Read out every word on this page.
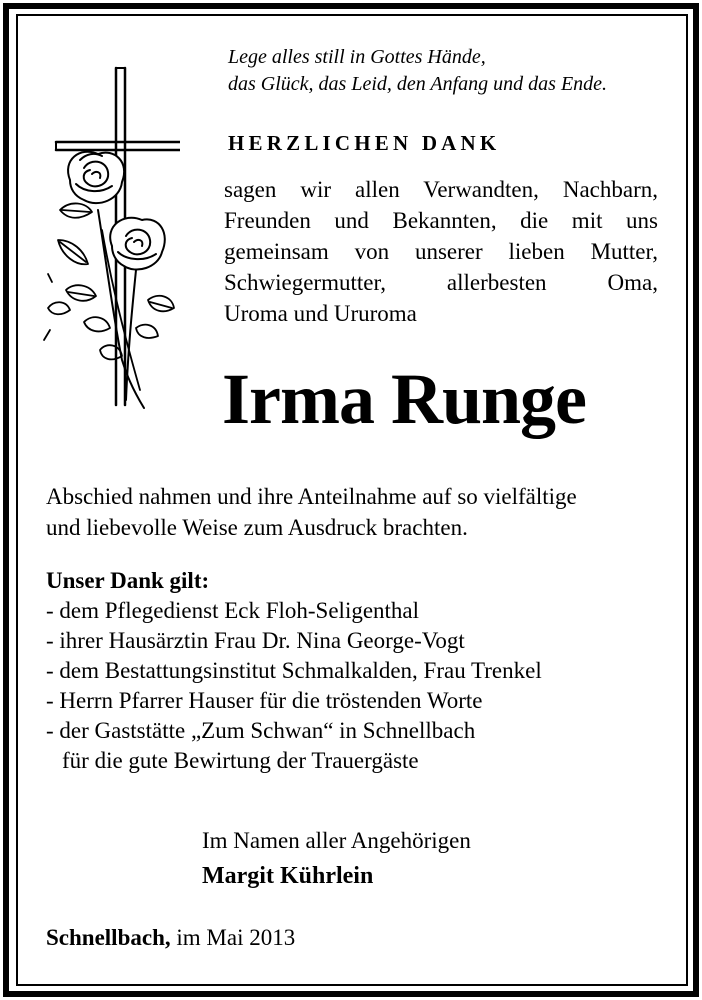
Lege alles still in Gottes Hände,
das Glück, das Leid, den Anfang und das Ende.

HERZLICHEN DANK

sagen wir allen Verwandten, Nachbarn,
Freunden und Bekannten, die mit uns
gemeinsam von unserer lieben Mutter,
Schwiegermutter, allerbesten Oma,
Uroma und Ururoma

Irma Runge

Abschied nahmen und ihre Anteilnahme auf so vielfältige
und liebevolle Weise zum Ausdruck brachten.

Unser Dank gilt:

- dem Pflegedienst Eck Floh-Seligenthal
- ihrer Hausärztin Frau Dr. Nina George-Vogt
- dem Bestattungsinstitut Schmalkalden, Frau Trenkel
- Herrn Pfarrer Hauser für die tröstenden Worte
- der Gaststätte „Zum Schwan“ in Schnellbach
für die gute Bewirtung der Trauergäste

Im Namen aller Angehörigen

Margit Kührlein

Schnellbach, im Mai 2013
